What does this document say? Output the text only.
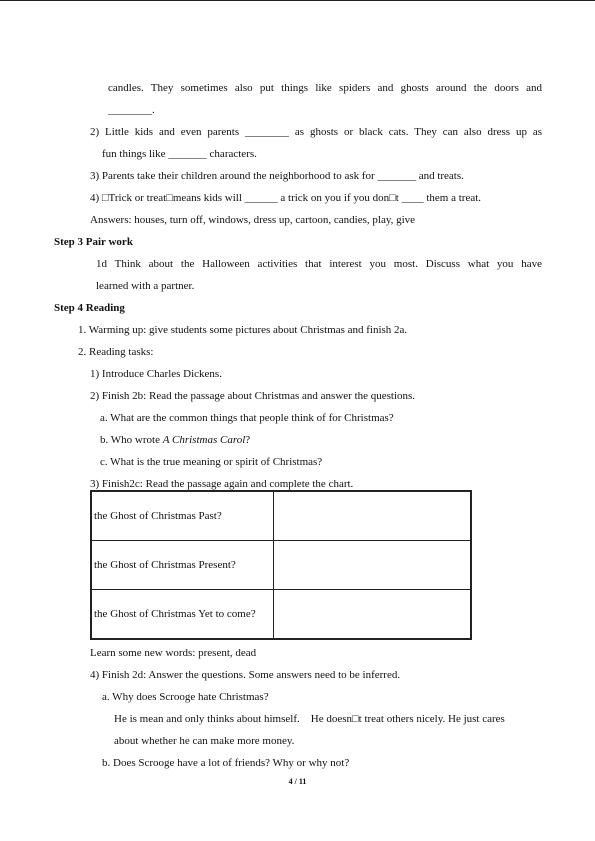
candles. They sometimes also put things like spiders and ghosts around the doors and
________.
2) Little kids and even parents ________ as ghosts or black cats. They can also dress up as
fun things like _______ characters.
3) Parents take their children around the neighborhood to ask for _______ and treats.
4) □Trick or treat□means kids will ______ a trick on you if you don□t ____ them a treat.
Answers: houses, turn off, windows, dress up, cartoon, candies, play, give
Step 3 Pair work
1d Think about the Halloween activities that interest you most. Discuss what you have
learned with a partner.
Step 4 Reading
1. Warming up: give students some pictures about Christmas and finish 2a.
2. Reading tasks:
1) Introduce Charles Dickens.
2) Finish 2b: Read the passage about Christmas and answer the questions.
a. What are the common things that people think of for Christmas?
b. Who wrote A Christmas Carol?
c. What is the true meaning or spirit of Christmas?
3) Finish2c: Read the passage again and complete the chart.
the Ghost of Christmas Past?	
the Ghost of Christmas Present?	
the Ghost of Christmas Yet to come?	
Learn some new words: present, dead
4) Finish 2d: Answer the questions. Some answers need to be inferred.
a. Why does Scrooge hate Christmas?
He is mean and only thinks about himself.    He doesn□t treat others nicely. He just cares
about whether he can make more money.
b. Does Scrooge have a lot of friends? Why or why not?
4 / 11
